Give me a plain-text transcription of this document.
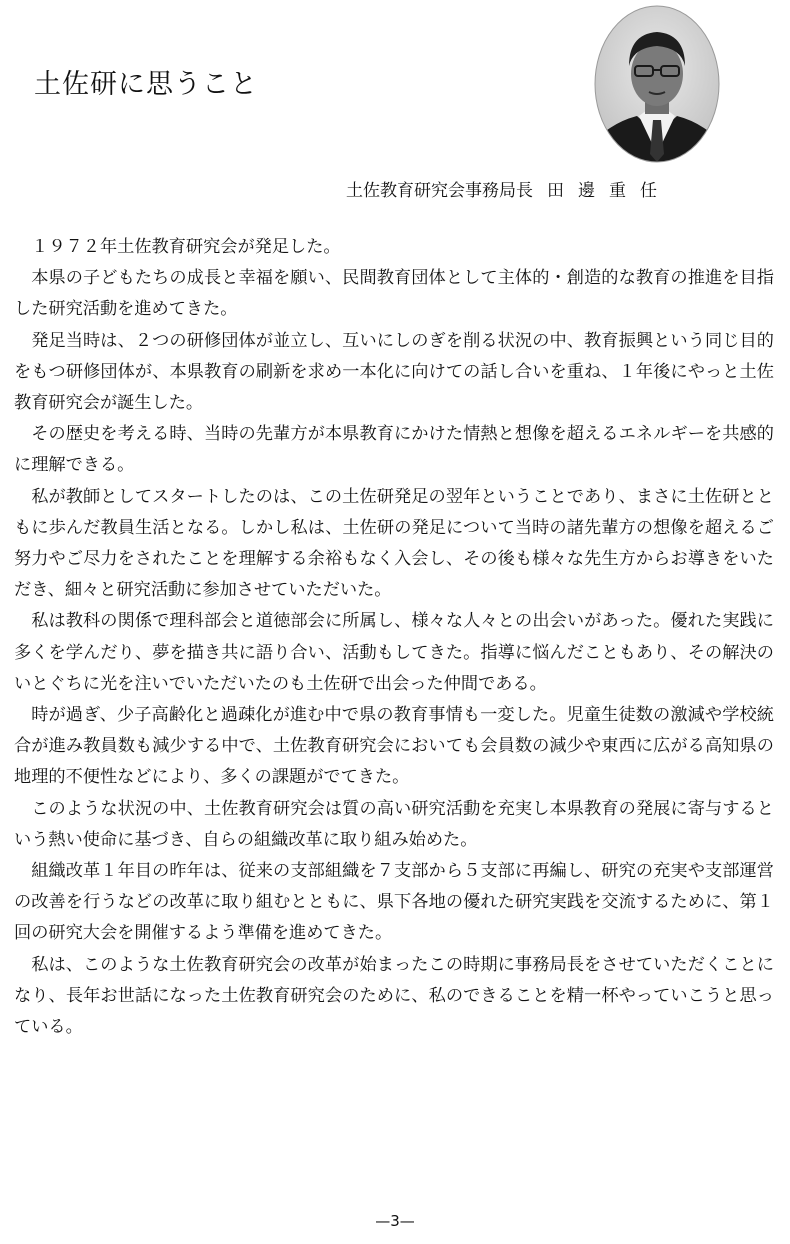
土佐研に思うこと
土佐教育研究会事務局長 田邊重任

１９７２年土佐教育研究会が発足した。

本県の子どもたちの成長と幸福を願い、民間教育団体として主体的・創造的な教育の推進を目指した研究活動を進めてきた。

発足当時は、２つの研修団体が並立し、互いにしのぎを削る状況の中、教育振興という同じ目的をもつ研修団体が、本県教育の刷新を求め一本化に向けての話し合いを重ね、１年後にやっと土佐教育研究会が誕生した。

その歴史を考える時、当時の先輩方が本県教育にかけた情熱と想像を超えるエネルギーを共感的に理解できる。

私が教師としてスタートしたのは、この土佐研発足の翌年ということであり、まさに土佐研とともに歩んだ教員生活となる。しかし私は、土佐研の発足について当時の諸先輩方の想像を超えるご努力やご尽力をされたことを理解する余裕もなく入会し、その後も様々な先生方からお導きをいただき、細々と研究活動に参加させていただいた。

私は教科の関係で理科部会と道徳部会に所属し、様々な人々との出会いがあった。優れた実践に多くを学んだり、夢を描き共に語り合い、活動もしてきた。指導に悩んだこともあり、その解決のいとぐちに光を注いでいただいたのも土佐研で出会った仲間である。

時が過ぎ、少子高齢化と過疎化が進む中で県の教育事情も一変した。児童生徒数の激減や学校統合が進み教員数も減少する中で、土佐教育研究会においても会員数の減少や東西に広がる高知県の地理的不便性などにより、多くの課題がでてきた。

このような状況の中、土佐教育研究会は質の高い研究活動を充実し本県教育の発展に寄与するという熱い使命に基づき、自らの組織改革に取り組み始めた。

組織改革１年目の昨年は、従来の支部組織を７支部から５支部に再編し、研究の充実や支部運営の改善を行うなどの改革に取り組むとともに、県下各地の優れた研究実践を交流するために、第１回の研究大会を開催するよう準備を進めてきた。

私は、このような土佐教育研究会の改革が始まったこの時期に事務局長をさせていただくことになり、長年お世話になった土佐教育研究会のために、私のできることを精一杯やっていこうと思っている。

—3—
